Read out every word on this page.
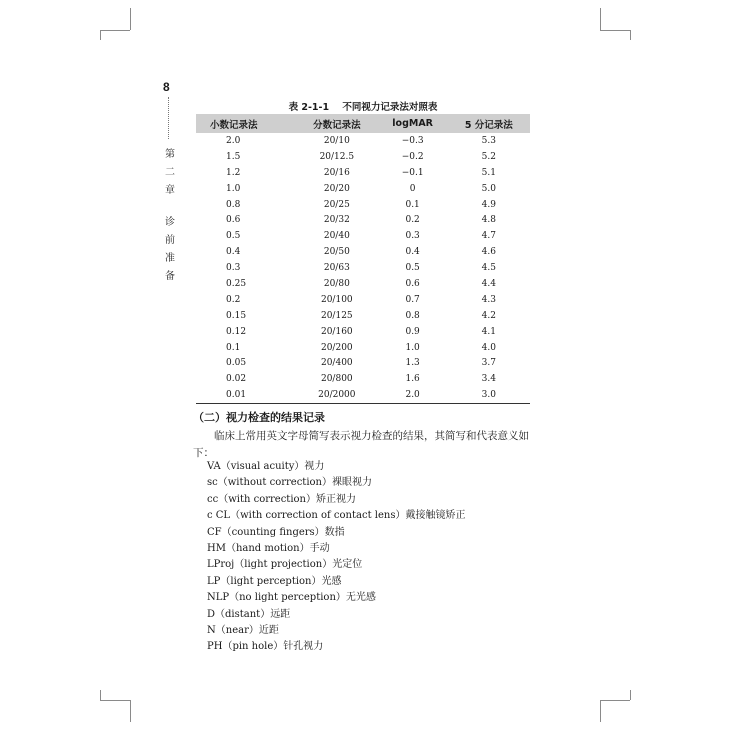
8
第
二
章
诊
前
准
备
表 2-1-1 不同视力记录法对照表
小数记录法	分数记录法	logMAR	5 分记录法
2.0	20/10	−0.3	5.3
1.5	20/12.5	−0.2	5.2
1.2	20/16	−0.1	5.1
1.0	20/20	0	5.0
0.8	20/25	0.1	4.9
0.6	20/32	0.2	4.8
0.5	20/40	0.3	4.7
0.4	20/50	0.4	4.6
0.3	20/63	0.5	4.5
0.25	20/80	0.6	4.4
0.2	20/100	0.7	4.3
0.15	20/125	0.8	4.2
0.12	20/160	0.9	4.1
0.1	20/200	1.0	4.0
0.05	20/400	1.3	3.7
0.02	20/800	1.6	3.4
0.01	20/2000	2.0	3.0
（二）视力检查的结果记录

临床上常用英文字母简写表示视力检查的结果，其简写和代表意义如下：

VA（visual acuity）视力
sc（without correction）裸眼视力
cc（with correction）矫正视力
c CL（with correction of contact lens）戴接触镜矫正
CF（counting fingers）数指
HM（hand motion）手动
LProj（light projection）光定位
LP（light perception）光感
NLP（no light perception）无光感
D（distant）远距
N（near）近距
PH（pin hole）针孔视力
